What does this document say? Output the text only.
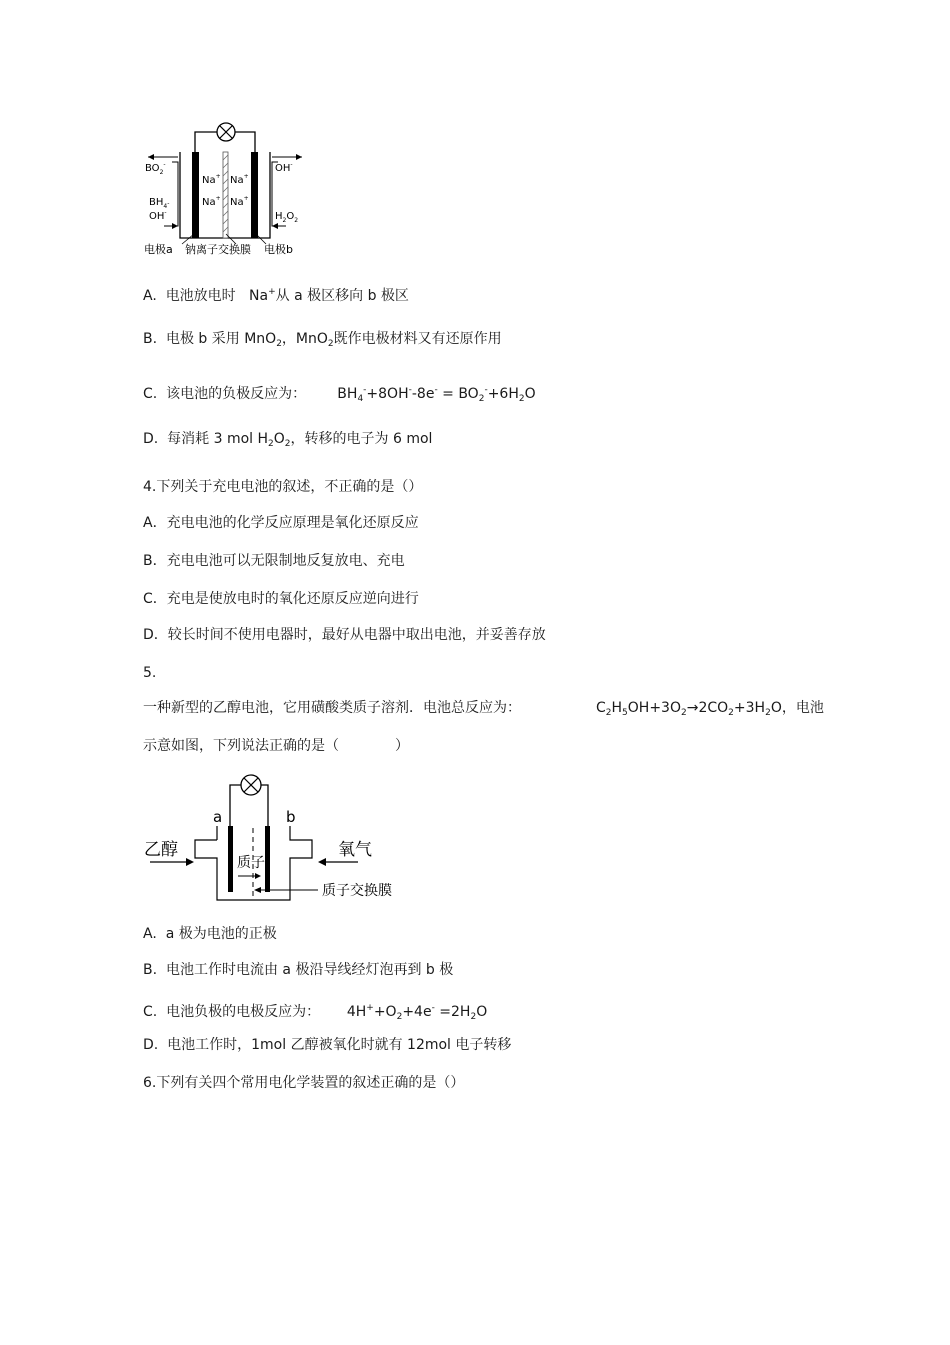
Na+
Na+
Na+
Na+
$BO_2^-$
$BH_4^-$
OH-
OH-
$H_2O_2$
电极a 钠离子交换膜 电极b
A. 电池放电时 Na+从 a 极区移向 b 极区
B. 电极 b 采用 MnO$_2$，MnO$_2$既作电极材料又有还原作用
C. 该电池的负极反应为： $BH_4^-+8OH^--8e^- = BO_2^-+6H_2O$
D. 每消耗 3 mol $H_2O_2$，转移的电子为 6 mol
4.下列关于充电电池的叙述，不正确的是（）
A．充电电池的化学反应原理是氧化还原反应
B．充电电池可以无限制地反复放电、充电
C．充电是使放电时的氧化还原反应逆向进行
D．较长时间不使用电器时，最好从电器中取出电池，并妥善存放
5.
一种新型的乙醇电池，它用磺酸类质子溶剂．电池总反应为：	$C_2H_5OH+3O_2\to 2CO_2+3H_2O$，电池
示意如图，下列说法正确的是（　　　　）
a	b
质子
乙醇	氧气
质子交换膜
A. a 极为电池的正极
B. 电池工作时电流由 a 极沿导线经灯泡再到 b 极
C. 电池负极的电极反应为： $4H^++O_2+4e^- =2H_2O$
D. 电池工作时，1mol 乙醇被氧化时就有 12mol 电子转移
6.下列有关四个常用电化学装置的叙述正确的是（）
